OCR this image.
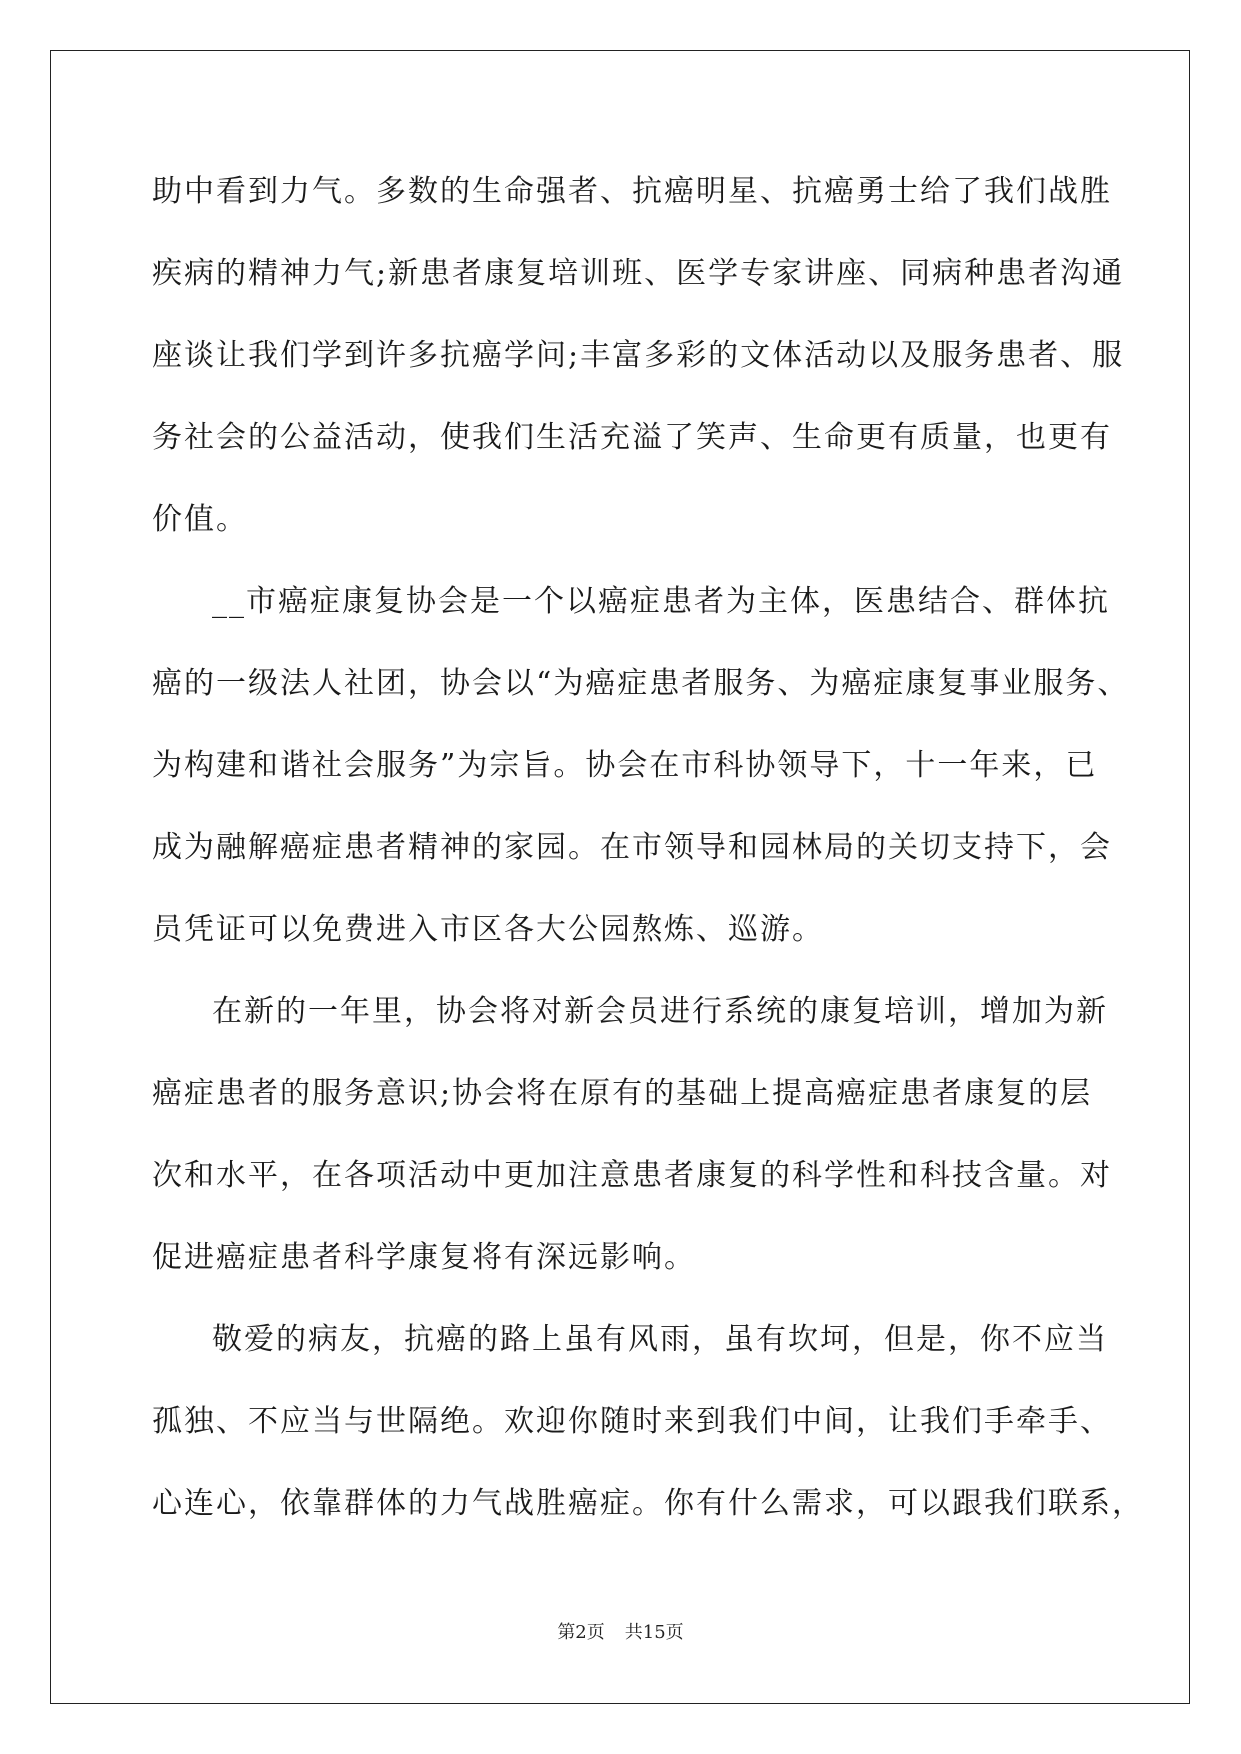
助中看到力气。多数的生命强者、抗癌明星、抗癌勇士给了我们战胜
疾病的精神力气;新患者康复培训班、医学专家讲座、同病种患者沟通
座谈让我们学到许多抗癌学问;丰富多彩的文体活动以及服务患者、服
务社会的公益活动，使我们生活充溢了笑声、生命更有质量，也更有
价值。
__市癌症康复协会是一个以癌症患者为主体，医患结合、群体抗
癌的一级法人社团，协会以“为癌症患者服务、为癌症康复事业服务、
为构建和谐社会服务”为宗旨。协会在市科协领导下，十一年来，已
成为融解癌症患者精神的家园。在市领导和园林局的关切支持下，会
员凭证可以免费进入市区各大公园熬炼、巡游。
在新的一年里，协会将对新会员进行系统的康复培训，增加为新
癌症患者的服务意识;协会将在原有的基础上提高癌症患者康复的层
次和水平，在各项活动中更加注意患者康复的科学性和科技含量。对
促进癌症患者科学康复将有深远影响。
敬爱的病友，抗癌的路上虽有风雨，虽有坎坷，但是，你不应当
孤独、不应当与世隔绝。欢迎你随时来到我们中间，让我们手牵手、
心连心，依靠群体的力气战胜癌症。你有什么需求，可以跟我们联系，
第2页 共15页
